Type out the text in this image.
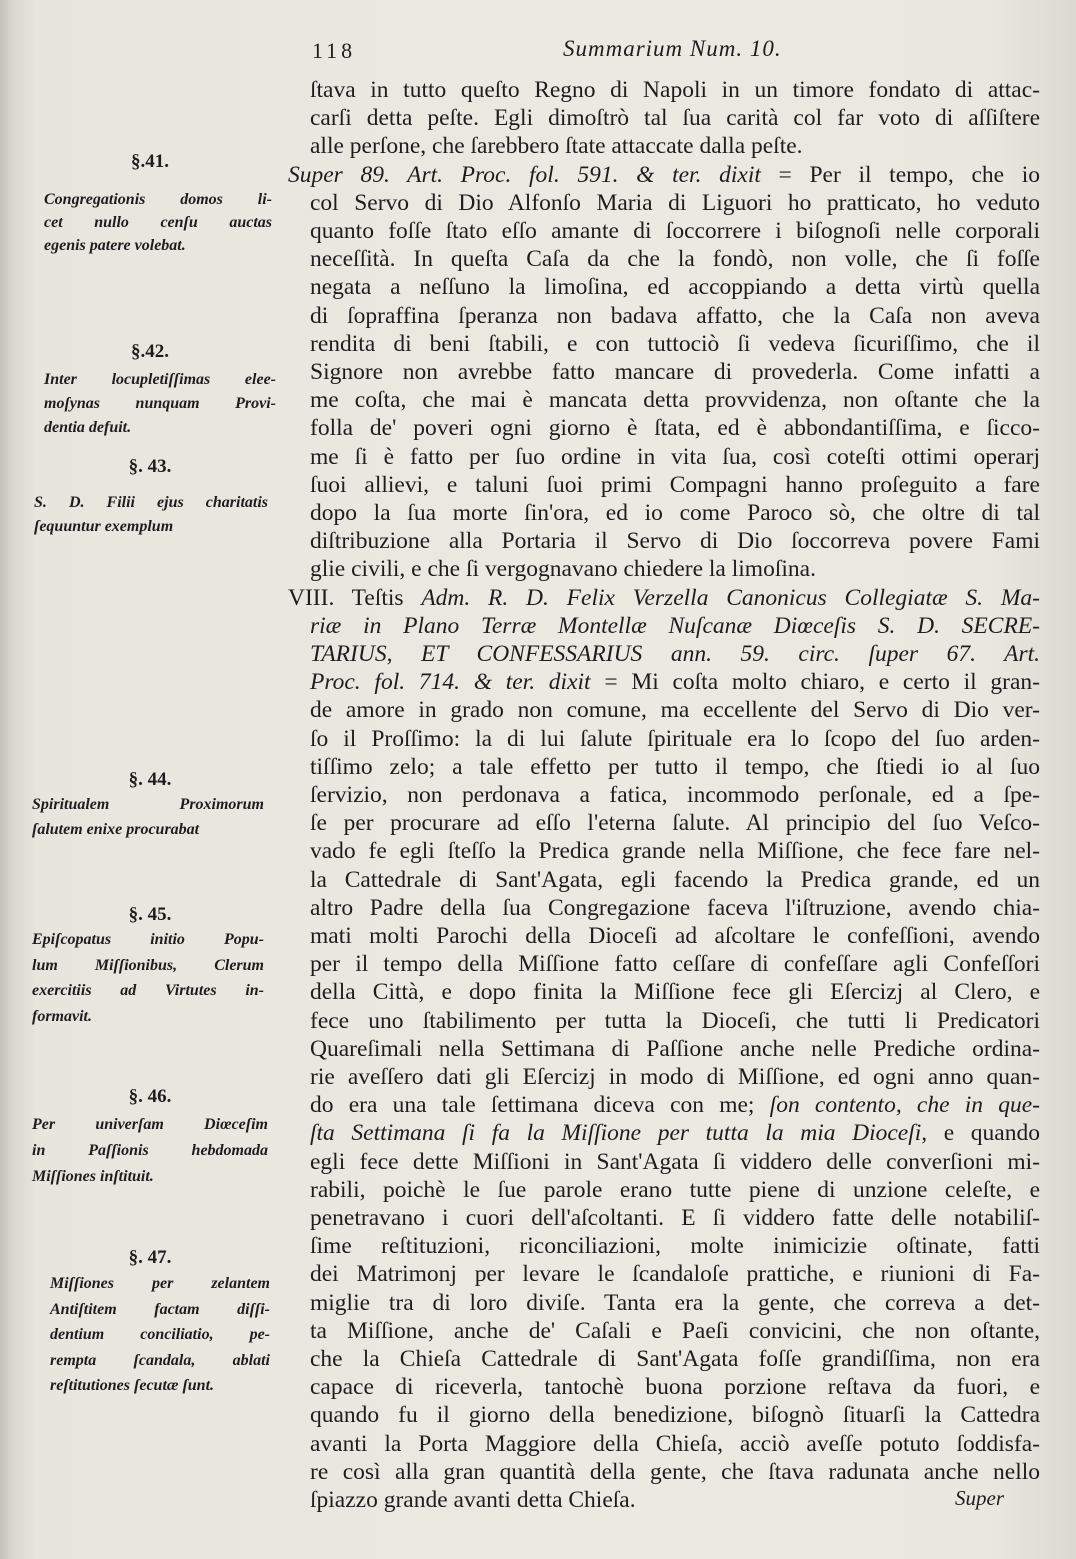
118	Summarium Num. 10.
§.41.
Congregationis domos li-
cet nullo cenſu auctas
egenis patere volebat.
§.42.
Inter locupletiſſimas elee-
moſynas nunquam Provi-
dentia defuit.
§. 43.
S. D. Filii ejus charitatis
ſequuntur exemplum
§. 44.
Spiritualem Proximorum
ſalutem enixe procurabat
§. 45.
Epiſcopatus initio Popu-
lum Miſſionibus, Clerum
exercitiis ad Virtutes in-
formavit.
§. 46.
Per univerſam Diœceſim
in Paſſionis hebdomada
Miſſiones inſtituit.
§. 47.
Miſſiones per zelantem
Antiſtitem factam diſſi-
dentium conciliatio, pe-
rempta ſcandala, ablati
reſtitutiones ſecutæ ſunt.
ſtava in tutto queſto Regno di Napoli in un timore fondato di attac-
carſi detta peſte. Egli dimoſtrò tal ſua carità col far voto di aſſiſtere
alle perſone, che ſarebbero ſtate attaccate dalla peſte.
Super 89. Art. Proc. fol. 591. & ter. dixit = Per il tempo, che io
col Servo di Dio Alfonſo Maria di Liguori ho pratticato, ho veduto
quanto foſſe ſtato eſſo amante di ſoccorrere i biſognoſi nelle corporali
neceſſità. In queſta Caſa da che la fondò, non volle, che ſi foſſe
negata a neſſuno la limoſina, ed accoppiando a detta virtù quella
di ſopraffina ſperanza non badava affatto, che la Caſa non aveva
rendita di beni ſtabili, e con tuttociò ſi vedeva ſicuriſſimo, che il
Signore non avrebbe fatto mancare di provederla. Come infatti a
me coſta, che mai è mancata detta provvidenza, non oſtante che la
folla de' poveri ogni giorno è ſtata, ed è abbondantiſſima, e ſicco-
me ſi è fatto per ſuo ordine in vita ſua, così coteſti ottimi operarj
ſuoi allievi, e taluni ſuoi primi Compagni hanno proſeguito a fare
dopo la ſua morte ſin'ora, ed io come Paroco sò, che oltre di tal
diſtribuzione alla Portaria il Servo di Dio ſoccorreva povere Fami
glie civili, e che ſi vergognavano chiedere la limoſina.
VIII. Teſtis Adm. R. D. Felix Verzella Canonicus Collegiatæ S. Ma-
riæ in Plano Terræ Montellæ Nuſcanæ Diœceſis S. D. SECRE-
TARIUS, ET CONFESSARIUS ann. 59. circ. ſuper 67. Art.
Proc. fol. 714. & ter. dixit = Mi coſta molto chiaro, e certo il gran-
de amore in grado non comune, ma eccellente del Servo di Dio ver-
ſo il Proſſimo: la di lui ſalute ſpirituale era lo ſcopo del ſuo arden-
tiſſimo zelo; a tale effetto per tutto il tempo, che ſtiedi io al ſuo
ſervizio, non perdonava a fatica, incommodo perſonale, ed a ſpe-
ſe per procurare ad eſſo l'eterna ſalute. Al principio del ſuo Veſco-
vado fe egli ſteſſo la Predica grande nella Miſſione, che fece fare nel-
la Cattedrale di Sant'Agata, egli facendo la Predica grande, ed un
altro Padre della ſua Congregazione faceva l'iſtruzione, avendo chia-
mati molti Parochi della Dioceſi ad aſcoltare le confeſſioni, avendo
per il tempo della Miſſione fatto ceſſare di confeſſare agli Confeſſori
della Città, e dopo finita la Miſſione fece gli Eſercizj al Clero, e
fece uno ſtabilimento per tutta la Dioceſi, che tutti li Predicatori
Quareſimali nella Settimana di Paſſione anche nelle Prediche ordina-
rie aveſſero dati gli Eſercizj in modo di Miſſione, ed ogni anno quan-
do era una tale ſettimana diceva con me; ſon contento, che in que-
ſta Settimana ſi fa la Miſſione per tutta la mia Dioceſi, e quando
egli fece dette Miſſioni in Sant'Agata ſi viddero delle converſioni mi-
rabili, poichè le ſue parole erano tutte piene di unzione celeſte, e
penetravano i cuori dell'aſcoltanti. E ſi viddero fatte delle notabiliſ-
ſime reſtituzioni, riconciliazioni, molte inimicizie oſtinate, fatti
dei Matrimonj per levare le ſcandaloſe prattiche, e riunioni di Fa-
miglie tra di loro diviſe. Tanta era la gente, che correva a det-
ta Miſſione, anche de' Caſali e Paeſi convicini, che non oſtante,
che la Chieſa Cattedrale di Sant'Agata foſſe grandiſſima, non era
capace di riceverla, tantochè buona porzione reſtava da fuori, e
quando fu il giorno della benedizione, biſognò ſituarſi la Cattedra
avanti la Porta Maggiore della Chieſa, acciò aveſſe potuto ſoddisfa-
re così alla gran quantità della gente, che ſtava radunata anche nello
ſpiazzo grande avanti detta Chieſa.	Super
